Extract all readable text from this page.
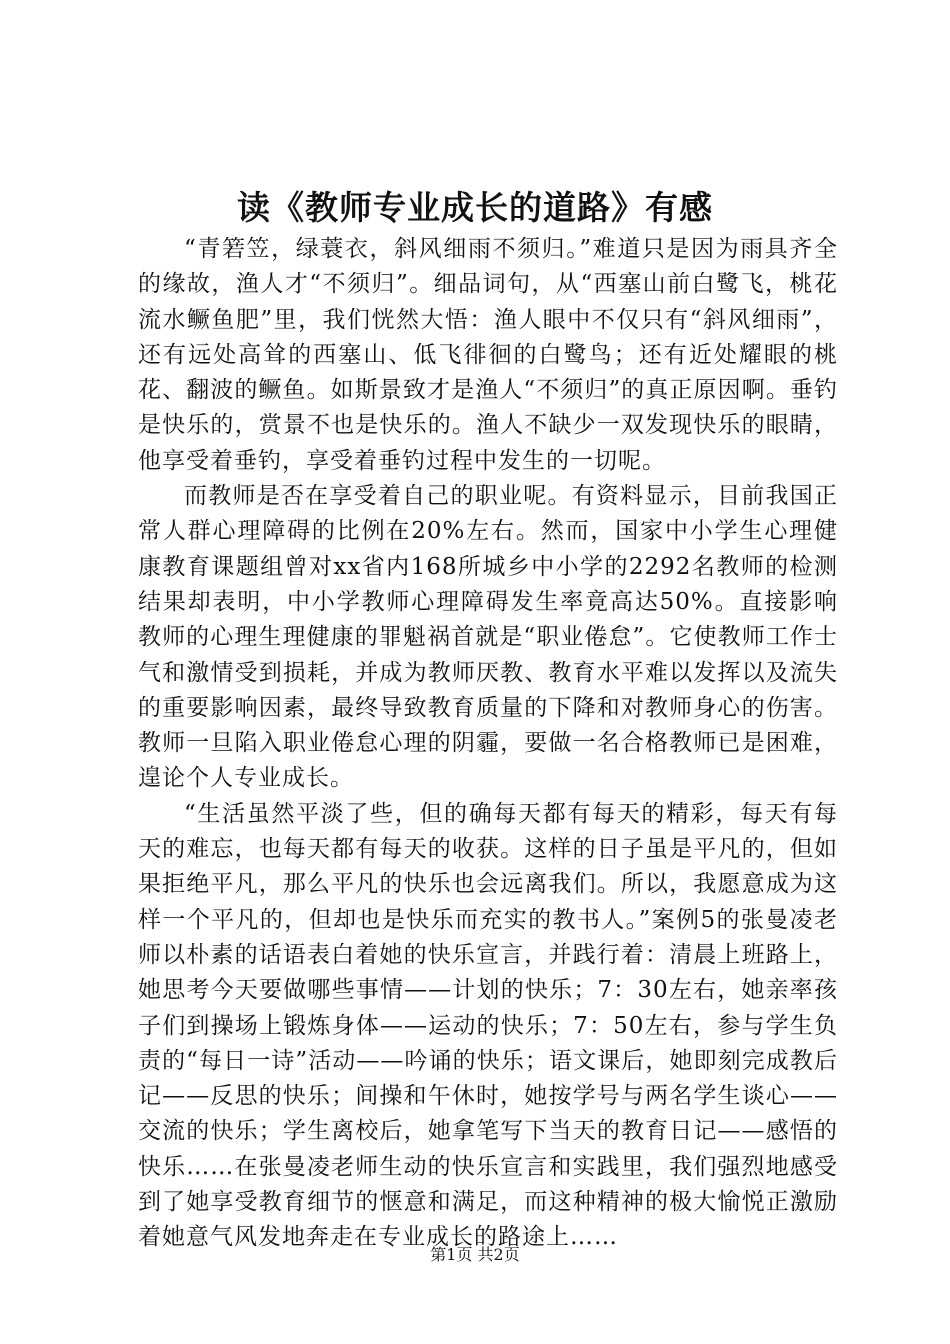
读《教师专业成长的道路》有感

“青箬笠，绿蓑衣，斜风细雨不须归。”难道只是因为雨具齐全的缘故，渔人才“不须归”。细品词句，从“西塞山前白鹭飞，桃花流水鳜鱼肥”里，我们恍然大悟：渔人眼中不仅只有“斜风细雨”，还有远处高耸的西塞山、低飞徘徊的白鹭鸟；还有近处耀眼的桃花、翻波的鳜鱼。如斯景致才是渔人“不须归”的真正原因啊。垂钓是快乐的，赏景不也是快乐的。渔人不缺少一双发现快乐的眼睛，他享受着垂钓，享受着垂钓过程中发生的一切呢。

而教师是否在享受着自己的职业呢。有资料显示，目前我国正常人群心理障碍的比例在20%左右。然而，国家中小学生心理健康教育课题组曾对xx省内168所城乡中小学的2292名教师的检测结果却表明，中小学教师心理障碍发生率竟高达50%。直接影响教师的心理生理健康的罪魁祸首就是“职业倦怠”。它使教师工作士气和激情受到损耗，并成为教师厌教、教育水平难以发挥以及流失的重要影响因素，最终导致教育质量的下降和对教师身心的伤害。教师一旦陷入职业倦怠心理的阴霾，要做一名合格教师已是困难，遑论个人专业成长。

“生活虽然平淡了些，但的确每天都有每天的精彩，每天有每天的难忘，也每天都有每天的收获。这样的日子虽是平凡的，但如果拒绝平凡，那么平凡的快乐也会远离我们。所以，我愿意成为这样一个平凡的，但却也是快乐而充实的教书人。”案例5的张曼凌老师以朴素的话语表白着她的快乐宣言，并践行着：清晨上班路上，她思考今天要做哪些事情——计划的快乐；7：30左右，她亲率孩子们到操场上锻炼身体——运动的快乐；7：50左右，参与学生负责的“每日一诗”活动——吟诵的快乐；语文课后，她即刻完成教后记——反思的快乐；间操和午休时，她按学号与两名学生谈心——交流的快乐；学生离校后，她拿笔写下当天的教育日记——感悟的快乐……在张曼凌老师生动的快乐宣言和实践里，我们强烈地感受到了她享受教育细节的惬意和满足，而这种精神的极大愉悦正激励着她意气风发地奔走在专业成长的路途上……

第1页 共2页
